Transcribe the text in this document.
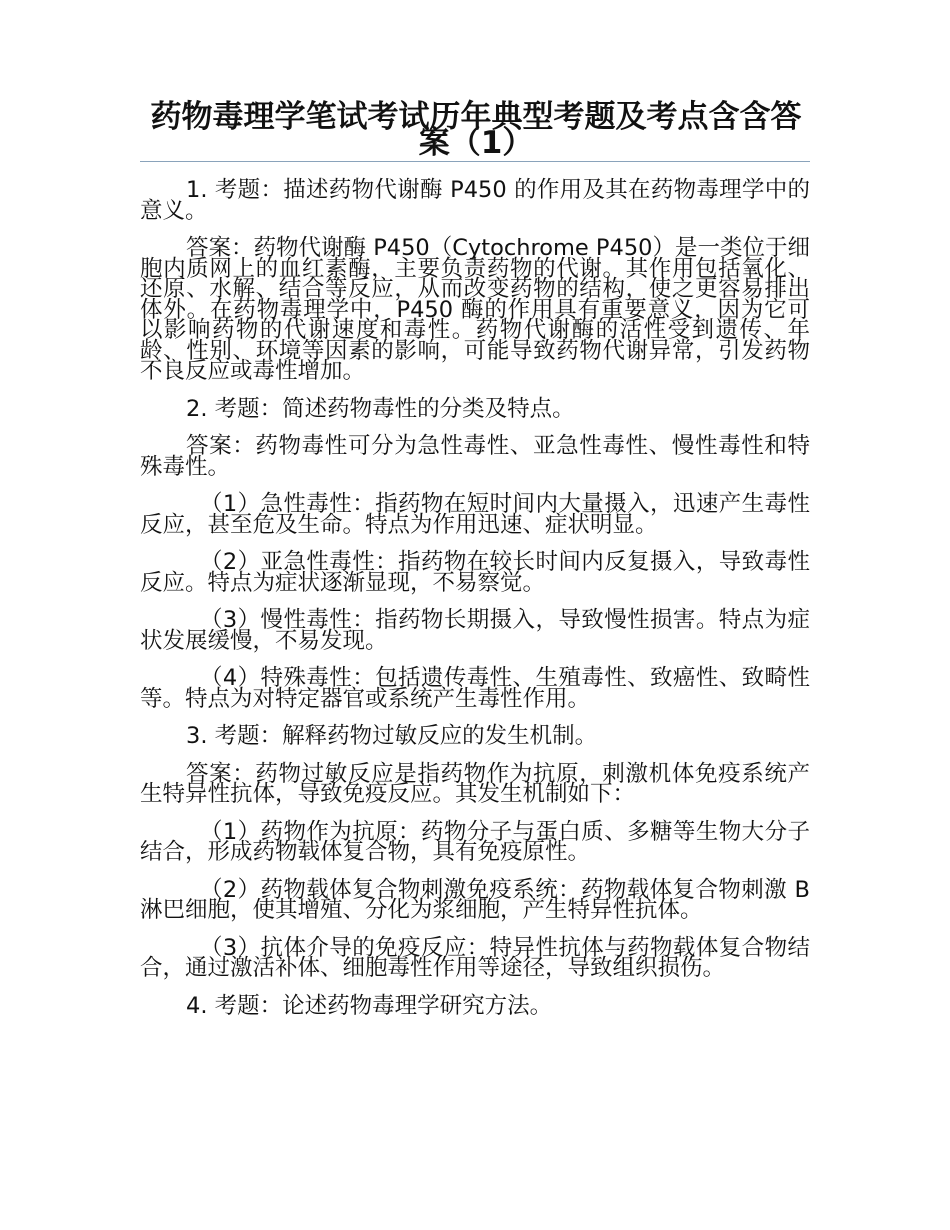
药物毒理学笔试考试历年典型考题及考点含含答案（1）

1. 考题：描述药物代谢酶 P450 的作用及其在药物毒理学中的意义。

答案：药物代谢酶 P450（Cytochrome P450）是一类位于细胞内质网上的血红素酶，主要负责药物的代谢。其作用包括氧化、还原、水解、结合等反应，从而改变药物的结构，使之更容易排出体外。在药物毒理学中，P450 酶的作用具有重要意义，因为它可以影响药物的代谢速度和毒性。药物代谢酶的活性受到遗传、年龄、性别、环境等因素的影响，可能导致药物代谢异常，引发药物不良反应或毒性增加。

2. 考题：简述药物毒性的分类及特点。

答案：药物毒性可分为急性毒性、亚急性毒性、慢性毒性和特殊毒性。

（1）急性毒性：指药物在短时间内大量摄入，迅速产生毒性反应，甚至危及生命。特点为作用迅速、症状明显。

（2）亚急性毒性：指药物在较长时间内反复摄入，导致毒性反应。特点为症状逐渐显现，不易察觉。

（3）慢性毒性：指药物长期摄入，导致慢性损害。特点为症状发展缓慢，不易发现。

（4）特殊毒性：包括遗传毒性、生殖毒性、致癌性、致畸性等。特点为对特定器官或系统产生毒性作用。

3. 考题：解释药物过敏反应的发生机制。

答案：药物过敏反应是指药物作为抗原，刺激机体免疫系统产生特异性抗体，导致免疫反应。其发生机制如下：

（1）药物作为抗原：药物分子与蛋白质、多糖等生物大分子结合，形成药物载体复合物，具有免疫原性。

（2）药物载体复合物刺激免疫系统：药物载体复合物刺激 B 淋巴细胞，使其增殖、分化为浆细胞，产生特异性抗体。

（3）抗体介导的免疫反应：特异性抗体与药物载体复合物结合，通过激活补体、细胞毒性作用等途径，导致组织损伤。

4. 考题：论述药物毒理学研究方法。
